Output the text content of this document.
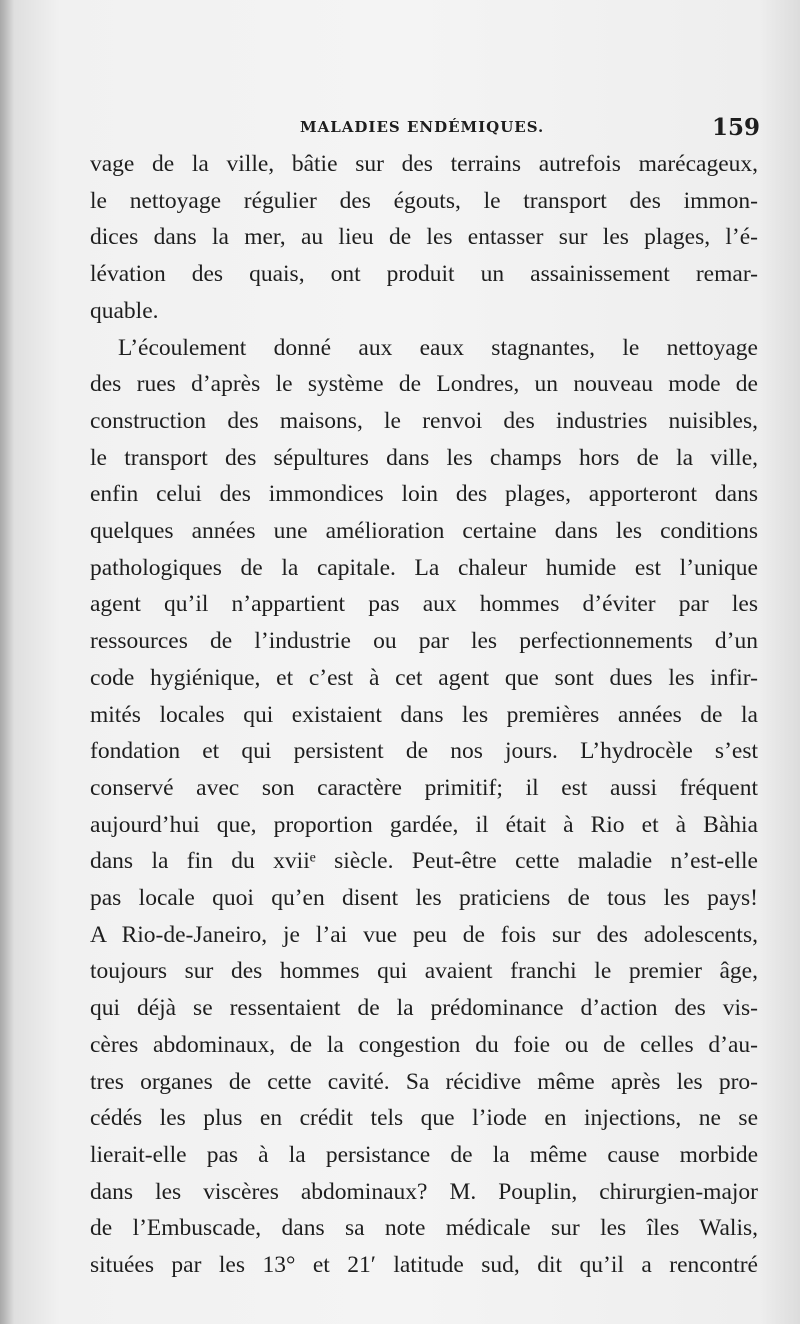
MALADIES ENDÉMIQUES.	159
vage de la ville, bâtie sur des terrains autrefois marécageux,
le nettoyage régulier des égouts, le transport des immon-
dices dans la mer, au lieu de les entasser sur les plages, l’é-
lévation des quais, ont produit un assainissement remar-
quable.
L’écoulement donné aux eaux stagnantes, le nettoyage
des rues d’après le système de Londres, un nouveau mode de
construction des maisons, le renvoi des industries nuisibles,
le transport des sépultures dans les champs hors de la ville,
enfin celui des immondices loin des plages, apporteront dans
quelques années une amélioration certaine dans les conditions
pathologiques de la capitale. La chaleur humide est l’unique
agent qu’il n’appartient pas aux hommes d’éviter par les
ressources de l’industrie ou par les perfectionnements d’un
code hygiénique, et c’est à cet agent que sont dues les infir-
mités locales qui existaient dans les premières années de la
fondation et qui persistent de nos jours. L’hydrocèle s’est
conservé avec son caractère primitif; il est aussi fréquent
aujourd’hui que, proportion gardée, il était à Rio et à Bàhia
dans la fin du xviiᵉ siècle. Peut-être cette maladie n’est-elle
pas locale quoi qu’en disent les praticiens de tous les pays!
A Rio-de-Janeiro, je l’ai vue peu de fois sur des adolescents,
toujours sur des hommes qui avaient franchi le premier âge,
qui déjà se ressentaient de la prédominance d’action des vis-
cères abdominaux, de la congestion du foie ou de celles d’au-
tres organes de cette cavité. Sa récidive même après les pro-
cédés les plus en crédit tels que l’iode en injections, ne se
lierait-elle pas à la persistance de la même cause morbide
dans les viscères abdominaux? M. Pouplin, chirurgien-major
de l’Embuscade, dans sa note médicale sur les îles Walis,
situées par les 13° et 21′ latitude sud, dit qu’il a rencontré
